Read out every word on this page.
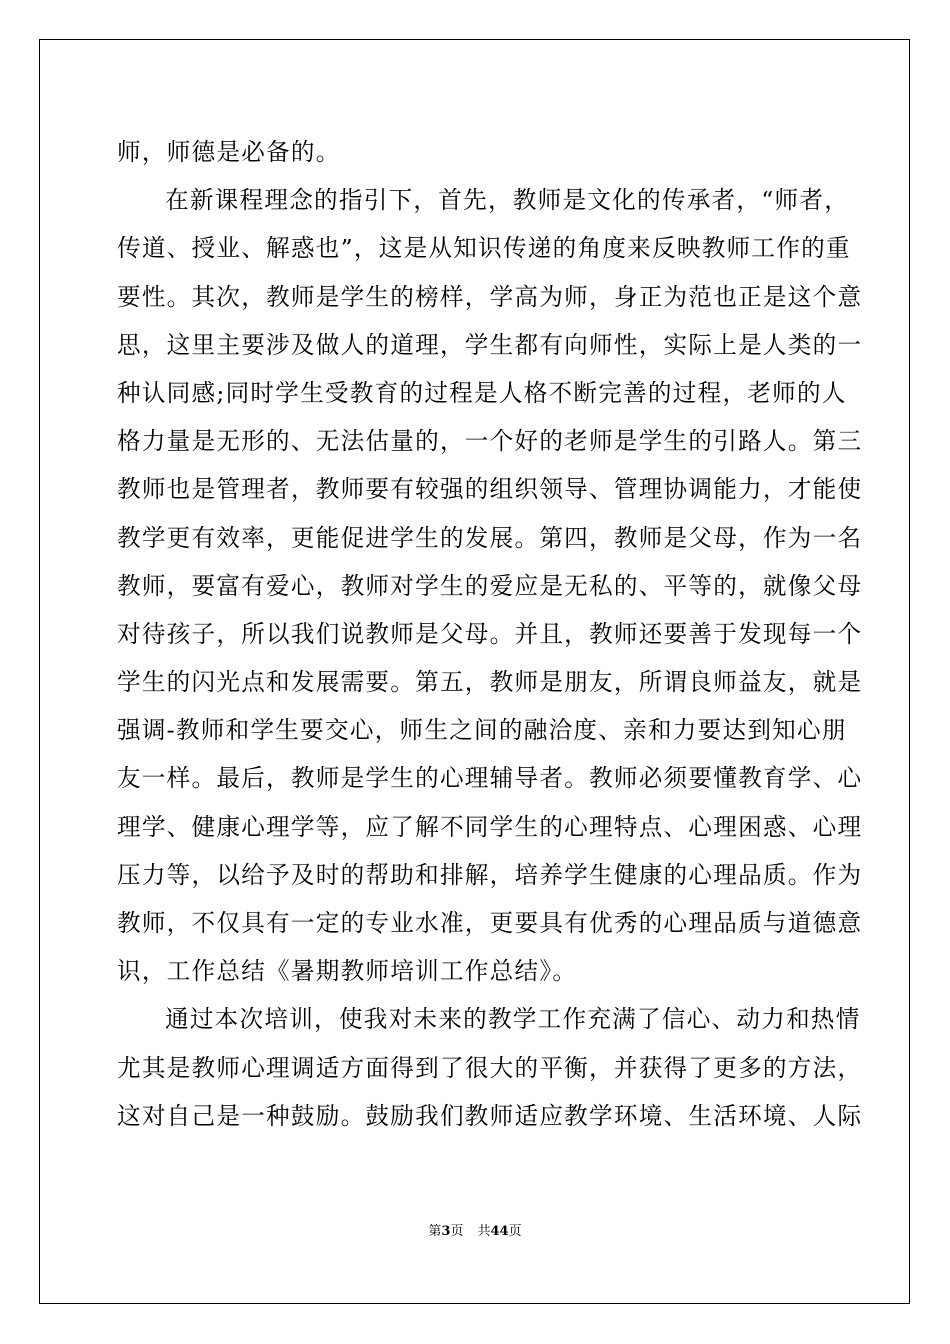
师，师德是必备的。
在新课程理念的指引下，首先，教师是文化的传承者，“师者，
传道、授业、解惑也”，这是从知识传递的角度来反映教师工作的重
要性。其次，教师是学生的榜样，学高为师，身正为范也正是这个意
思，这里主要涉及做人的道理，学生都有向师性，实际上是人类的一
种认同感;同时学生受教育的过程是人格不断完善的过程，老师的人
格力量是无形的、无法估量的，一个好的老师是学生的引路人。第三
教师也是管理者，教师要有较强的组织领导、管理协调能力，才能使
教学更有效率，更能促进学生的发展。第四，教师是父母，作为一名
教师，要富有爱心，教师对学生的爱应是无私的、平等的，就像父母
对待孩子，所以我们说教师是父母。并且，教师还要善于发现每一个
学生的闪光点和发展需要。第五，教师是朋友，所谓良师益友，就是
强调-教师和学生要交心，师生之间的融洽度、亲和力要达到知心朋
友一样。最后，教师是学生的心理辅导者。教师必须要懂教育学、心
理学、健康心理学等，应了解不同学生的心理特点、心理困惑、心理
压力等，以给予及时的帮助和排解，培养学生健康的心理品质。作为
教师，不仅具有一定的专业水准，更要具有优秀的心理品质与道德意
识，工作总结《暑期教师培训工作总结》。
通过本次培训，使我对未来的教学工作充满了信心、动力和热情
尤其是教师心理调适方面得到了很大的平衡，并获得了更多的方法，
这对自己是一种鼓励。鼓励我们教师适应教学环境、生活环境、人际
第3页 共44页
